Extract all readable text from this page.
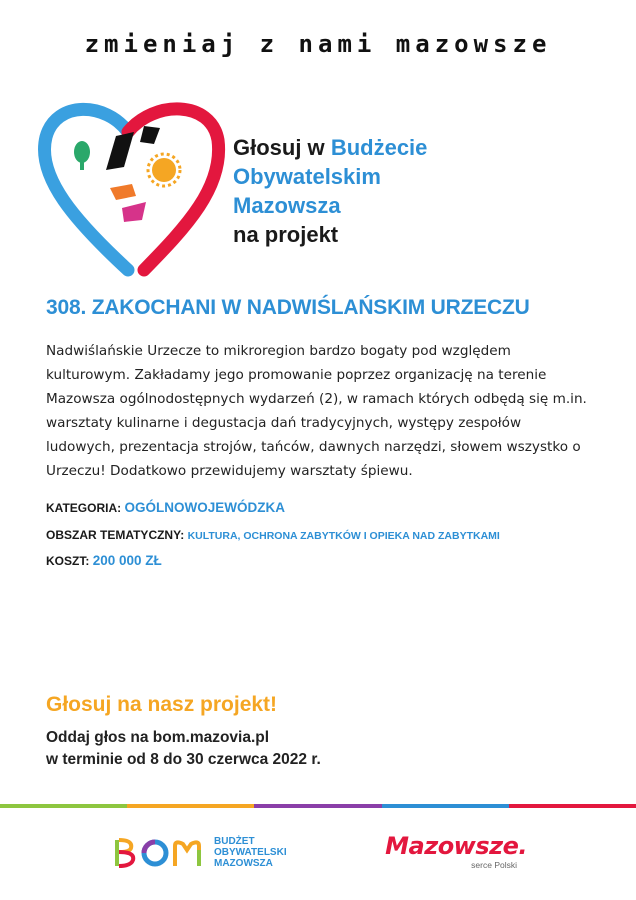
zmieniaj z nami mazowsze
Głosuj w Budżecie
Obywatelskim
Mazowsza
na projekt
308. ZAKOCHANI W NADWIŚLAŃSKIM URZECZU
Nadwiślańskie Urzecze to mikroregion bardzo bogaty pod względem kulturowym. Zakładamy jego promowanie poprzez organizację na terenie Mazowsza ogólnodostępnych wydarzeń (2), w ramach których odbędą się m.in. warsztaty kulinarne i degustacja dań tradycyjnych, występy zespołów ludowych, prezentacja strojów, tańców, dawnych narzędzi, słowem wszystko o Urzeczu! Dodatkowo przewidujemy warsztaty śpiewu.
KATEGORIA: OGÓLNOWOJEWÓDZKA
OBSZAR TEMATYCZNY: KULTURA, OCHRONA ZABYTKÓW I OPIEKA NAD ZABYTKAMI
KOSZT: 200 000 ZŁ
Głosuj na nasz projekt!
Oddaj głos na bom.mazovia.pl
w terminie od 8 do 30 czerwca 2022 r.
BUDŻET
OBYWATELSKI
MAZOWSZA
Mazowsze.
serce Polski
